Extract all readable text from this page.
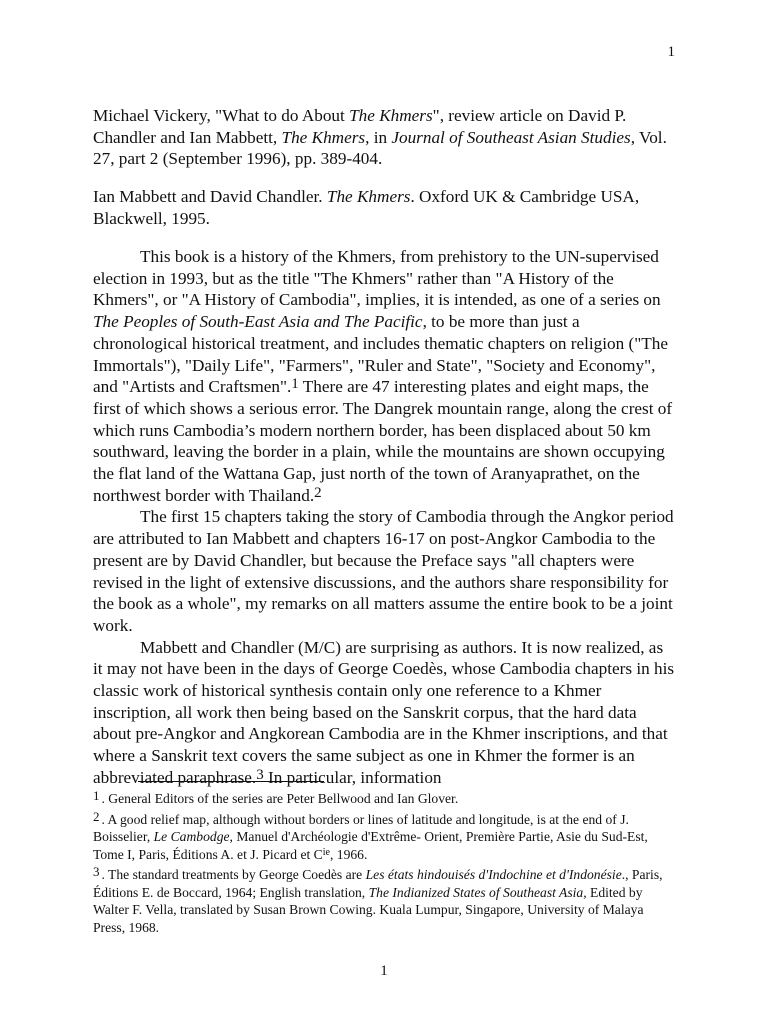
1

Michael Vickery, "What to do About The Khmers", review article on David P. Chandler and Ian Mabbett, The Khmers, in Journal of Southeast Asian Studies, Vol. 27, part 2 (September 1996), pp. 389-404.

Ian Mabbett and David Chandler. The Khmers. Oxford UK & Cambridge USA, Blackwell, 1995.

This book is a history of the Khmers, from prehistory to the UN-supervised election in 1993, but as the title "The Khmers" rather than "A History of the Khmers", or "A History of Cambodia", implies, it is intended, as one of a series on The Peoples of South-East Asia and The Pacific, to be more than just a chronological historical treatment, and includes thematic chapters on religion ("The Immortals"), "Daily Life", "Farmers", "Ruler and State", "Society and Economy", and "Artists and Craftsmen".$^1$ There are 47 interesting plates and eight maps, the first of which shows a serious error. The Dangrek mountain range, along the crest of which runs Cambodia’s modern northern border, has been displaced about 50 km southward, leaving the border in a plain, while the mountains are shown occupying the flat land of the Wattana Gap, just north of the town of Aranyaprathet, on the northwest border with Thailand.$^2$

The first 15 chapters taking the story of Cambodia through the Angkor period are attributed to Ian Mabbett and chapters 16-17 on post-Angkor Cambodia to the present are by David Chandler, but because the Preface says "all chapters were revised in the light of extensive discussions, and the authors share responsibility for the book as a whole", my remarks on all matters assume the entire book to be a joint work.

Mabbett and Chandler (M/C) are surprising as authors. It is now realized, as it may not have been in the days of George Coedès, whose Cambodia chapters in his classic work of historical synthesis contain only one reference to a Khmer inscription, all work then being based on the Sanskrit corpus, that the hard data about pre-Angkor and Angkorean Cambodia are in the Khmer inscriptions, and that where a Sanskrit text covers the same subject as one in Khmer the former is an abbreviated paraphrase.$^3$ In particular, information

1 . General Editors of the series are Peter Bellwood and Ian Glover.

2 . A good relief map, although without borders or lines of latitude and longitude, is at the end of J. Boisselier, Le Cambodge, Manuel d'Archéologie d'Extrême- Orient, Première Partie, Asie du Sud-Est, Tome I, Paris, Éditions A. et J. Picard et $C^{ie}$, 1966.

3 . The standard treatments by George Coedès are Les états hindouisés d'Indochine et d'Indonésie., Paris, Éditions E. de Boccard, 1964; English translation, The Indianized States of Southeast Asia, Edited by Walter F. Vella, translated by Susan Brown Cowing. Kuala Lumpur, Singapore, University of Malaya Press, 1968.

1
